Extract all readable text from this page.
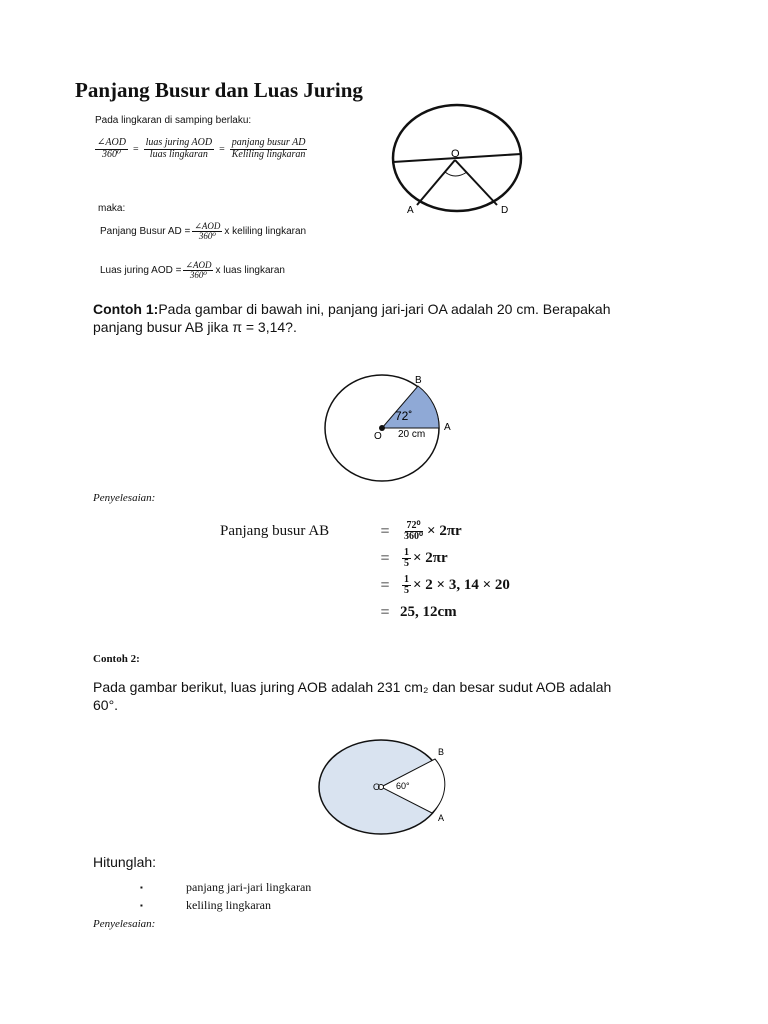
Panjang Busur dan Luas Juring
Pada lingkaran di samping berlaku:
$\frac{\text{∠AOD}}{\text{360⁰}} = \frac{\text{luas juring AOD}}{\text{luas lingkaran}} = \frac{\text{panjang busur AD}}{\text{Keliling lingkaran}}$	O
A	D
maka:
Panjang Busur AD = $\frac{\text{∠AOD}}{\text{360⁰}}$ x keliling lingkaran
Luas juring AOD = $\frac{\text{∠AOD}}{\text{360⁰}}$ x luas lingkaran
Contoh 1:Pada gambar di bawah ini, panjang jari-jari OA adalah 20 cm. Berapakah
panjang busur AB jika π = 3,14?.
B
A
O
72˚
20 cm
Penyelesaian:
Panjang busur AB	=	$\frac{\text{72⁰}}{\text{360⁰}} \times 2\pi r$
=	$\frac{1}{5} \times 2\pi r$
=	$\frac{1}{5} \times 2 \times 3$, 14 × 20
= 25, 12cm
Contoh 2:
Pada gambar berikut, luas juring AOB adalah 231 cm₂ dan besar sudut AOB adalah
60°.
B
A
O 60°
Hitunglah:
▪	panjang jari-jari lingkaran
▪	keliling lingkaran
Penyelesaian:
